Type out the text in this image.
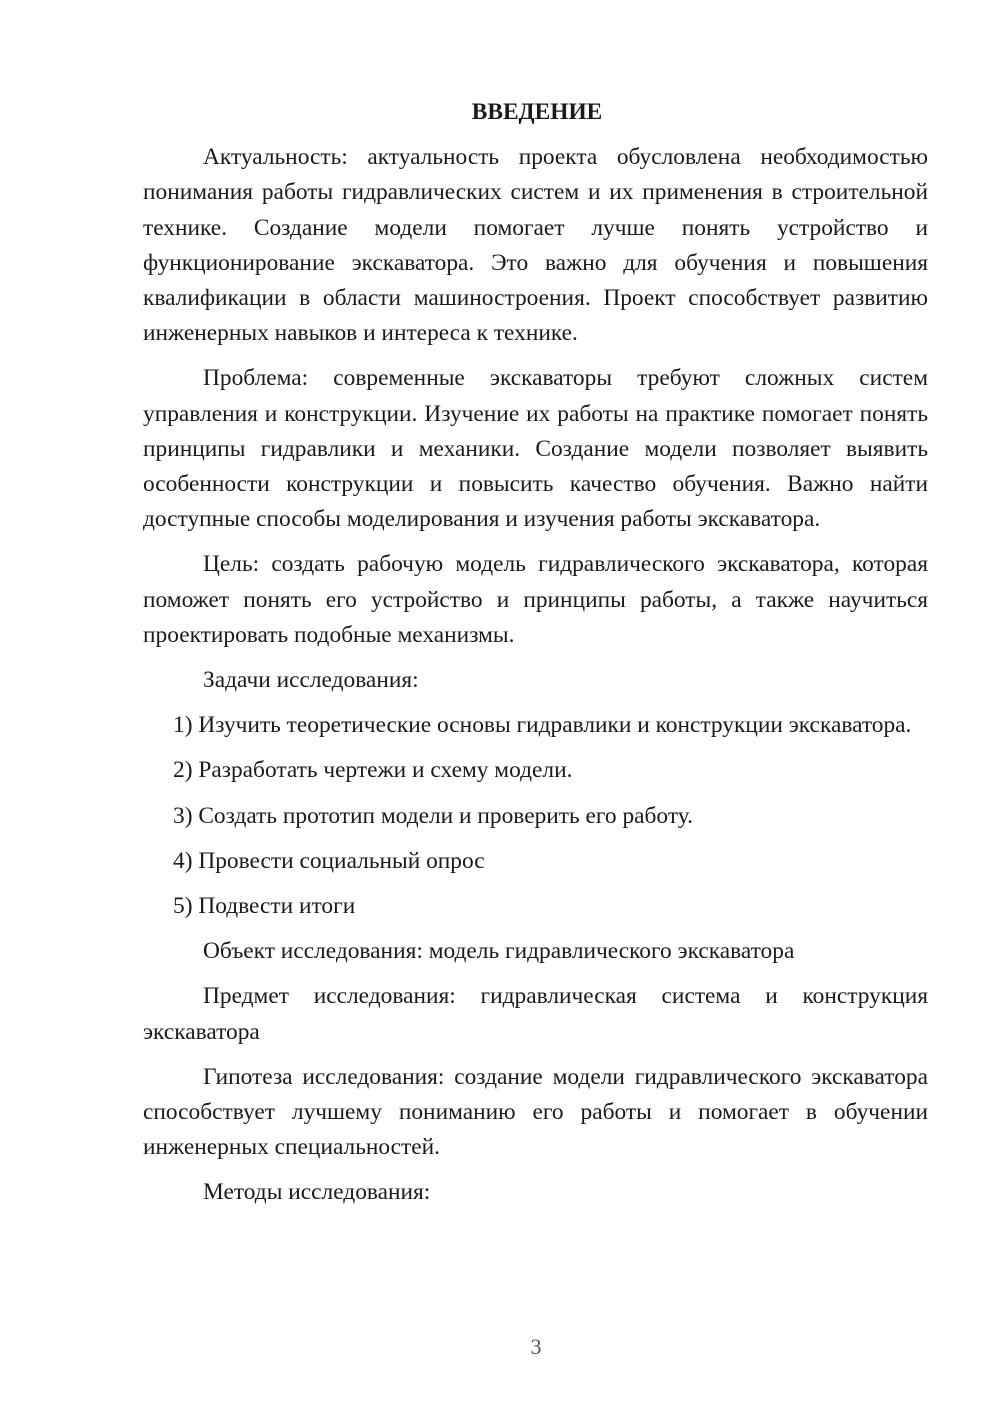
ВВЕДЕНИЕ

Актуальность: актуальность проекта обусловлена необходимостью понимания работы гидравлических систем и их применения в строительной технике. Создание модели помогает лучше понять устройство и функционирование экскаватора. Это важно для обучения и повышения квалификации в области машиностроения. Проект способствует развитию инженерных навыков и интереса к технике.

Проблема: современные экскаваторы требуют сложных систем управления и конструкции. Изучение их работы на практике помогает понять принципы гидравлики и механики. Создание модели позволяет выявить особенности конструкции и повысить качество обучения. Важно найти доступные способы моделирования и изучения работы экскаватора.

Цель: создать рабочую модель гидравлического экскаватора, которая поможет понять его устройство и принципы работы, а также научиться проектировать подобные механизмы.

Задачи исследования:

1) Изучить теоретические основы гидравлики и конструкции экскаватора.

2) Разработать чертежи и схему модели.

3) Создать прототип модели и проверить его работу.

4) Провести социальный опрос

5) Подвести итоги

Объект исследования: модель гидравлического экскаватора

Предмет исследования: гидравлическая система и конструкция экскаватора

Гипотеза исследования: создание модели гидравлического экскаватора способствует лучшему пониманию его работы и помогает в обучении инженерных специальностей.

Методы исследования:

3
